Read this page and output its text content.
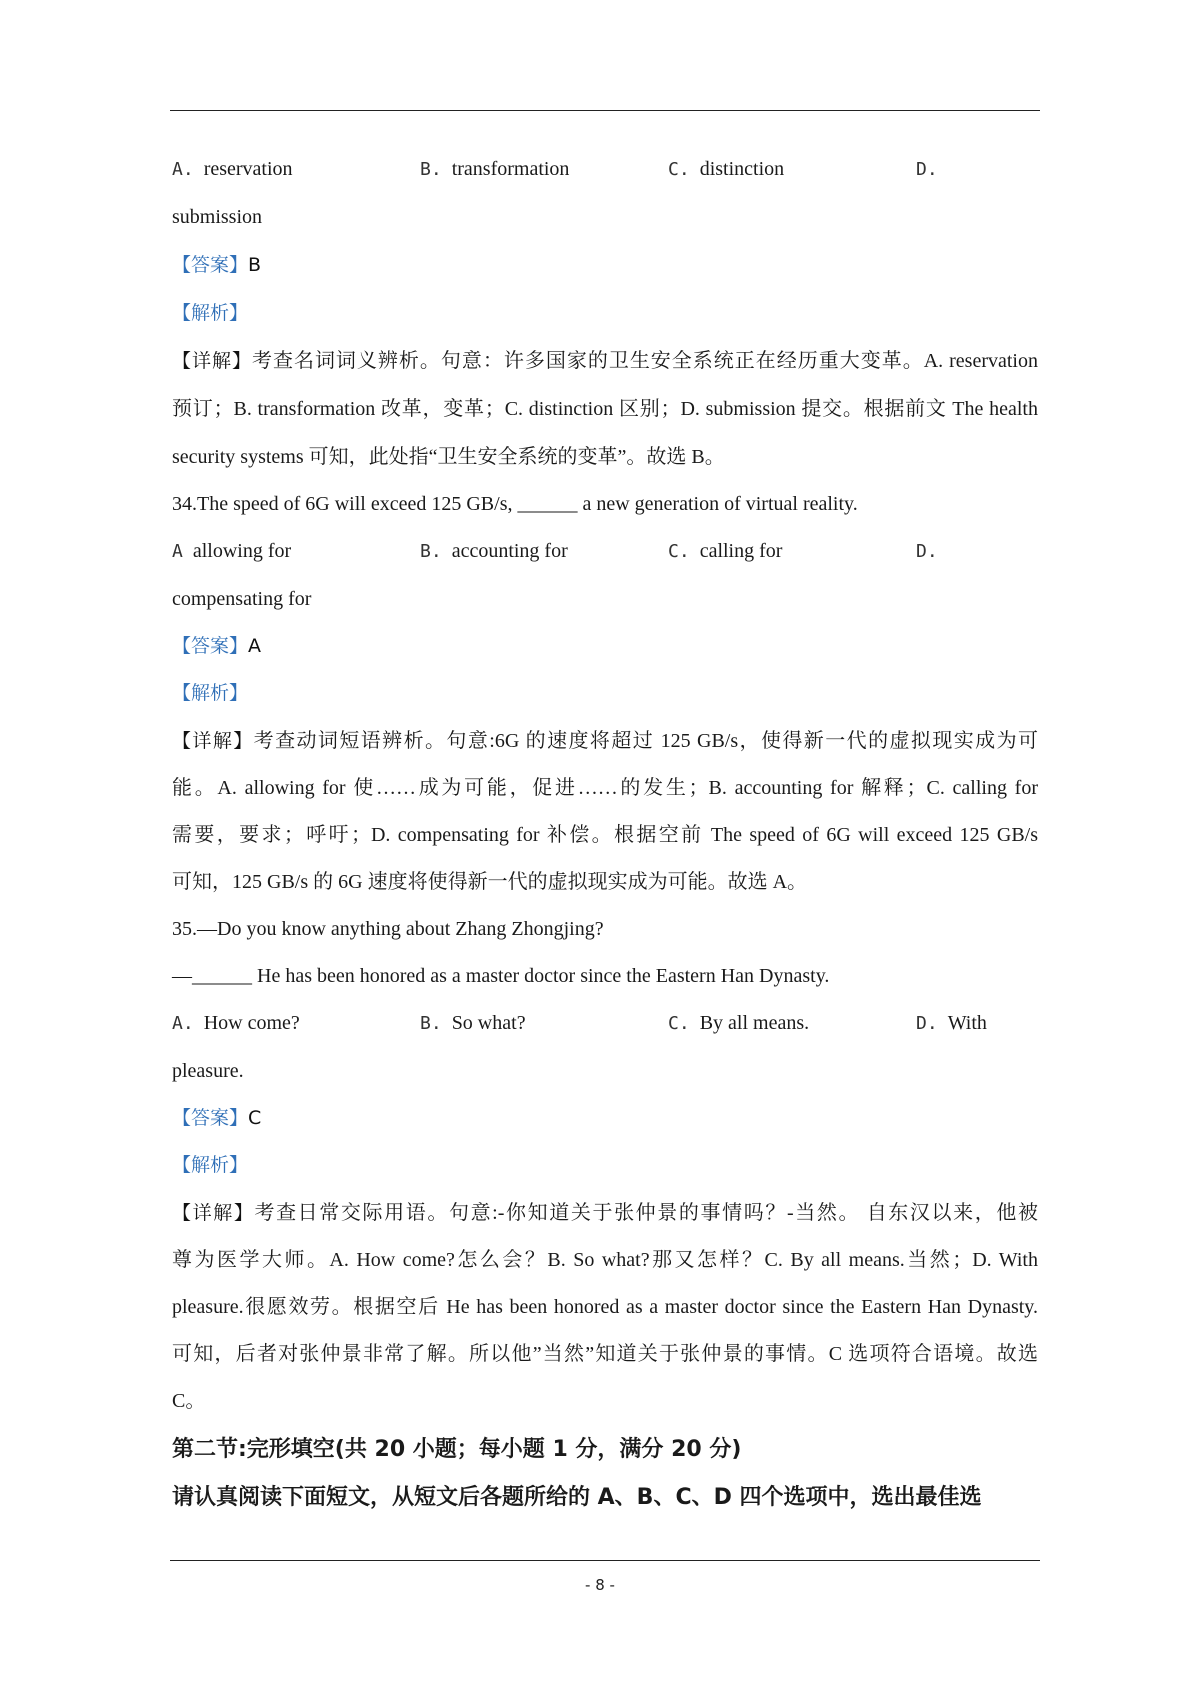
A. reservation	B. transformation	C. distinction	D.
submission
【答案】B
【解析】
【详解】考查名词词义辨析。句意：许多国家的卫生安全系统正在经历重大变革。A. reservation
预订；B. transformation 改革，变革；C. distinction 区别；D. submission 提交。根据前文 The health
security systems 可知，此处指“卫生安全系统的变革”。故选 B。
34.The speed of 6G will exceed 125 GB/s, ______ a new generation of virtual reality.
A allowing for	B. accounting for	C. calling for	D.
compensating for
【答案】A
【解析】
【详解】考查动词短语辨析。句意:6G 的速度将超过 125 GB/s，使得新一代的虚拟现实成为可
能。A. allowing for 使……成为可能，促进……的发生；B. accounting for 解释；C. calling for
需要，要求；呼吁；D. compensating for 补偿。根据空前 The speed of 6G will exceed 125 GB/s
可知，125 GB/s 的 6G 速度将使得新一代的虚拟现实成为可能。故选 A。
35.—Do you know anything about Zhang Zhongjing?
—______ He has been honored as a master doctor since the Eastern Han Dynasty.
A. How come?	B. So what?	C. By all means.	D. With
pleasure.
【答案】C
【解析】
【详解】考查日常交际用语。句意:-你知道关于张仲景的事情吗？-当然。 自东汉以来，他被
尊为医学大师。A. How come?怎么会？B. So what?那又怎样？C. By all means.当然；D. With
pleasure.很愿效劳。根据空后 He has been honored as a master doctor since the Eastern Han Dynasty.
可知，后者对张仲景非常了解。所以他”当然”知道关于张仲景的事情。C 选项符合语境。故选
C。
第二节:完形填空(共 20 小题；每小题 1 分，满分 20 分)
请认真阅读下面短文，从短文后各题所给的 A、B、C、D 四个选项中，选出最佳选
- 8 -
